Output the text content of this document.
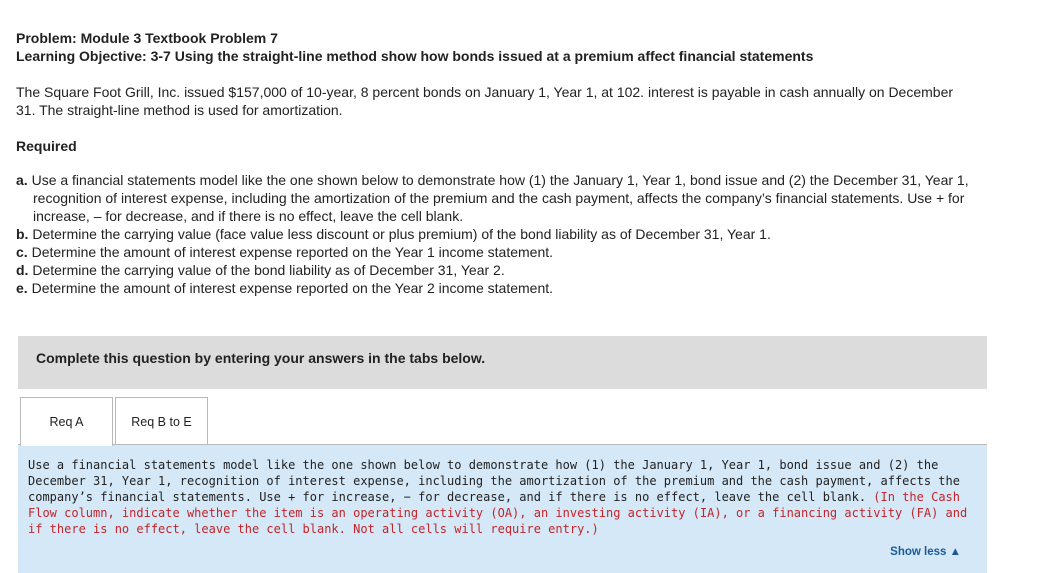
Problem: Module 3 Textbook Problem 7
Learning Objective: 3-7 Using the straight-line method show how bonds issued at a premium affect financial statements

The Square Foot Grill, Inc. issued $157,000 of 10-year, 8 percent bonds on January 1, Year 1, at 102. interest is payable in cash annually on December 31. The straight-line method is used for amortization.

Required
a. Use a financial statements model like the one shown below to demonstrate how (1) the January 1, Year 1, bond issue and (2) the December 31, Year 1, recognition of interest expense, including the amortization of the premium and the cash payment, affects the company’s financial statements. Use + for increase, – for decrease, and if there is no effect, leave the cell blank.
b. Determine the carrying value (face value less discount or plus premium) of the bond liability as of December 31, Year 1.
c. Determine the amount of interest expense reported on the Year 1 income statement.
d. Determine the carrying value of the bond liability as of December 31, Year 2.
e. Determine the amount of interest expense reported on the Year 2 income statement.
Complete this question by entering your answers in the tabs below.
Req A	Req B to E
Use a financial statements model like the one shown below to demonstrate how (1) the January 1, Year 1, bond issue and (2) the December 31, Year 1, recognition of interest expense, including the amortization of the premium and the cash payment, affects the company’s financial statements. Use + for increase, − for decrease, and if there is no effect, leave the cell blank. (In the Cash Flow column, indicate whether the item is an operating activity (OA), an investing activity (IA), or a financing activity (FA) and if there is no effect, leave the cell blank. Not all cells will require entry.)
Show less ▲
